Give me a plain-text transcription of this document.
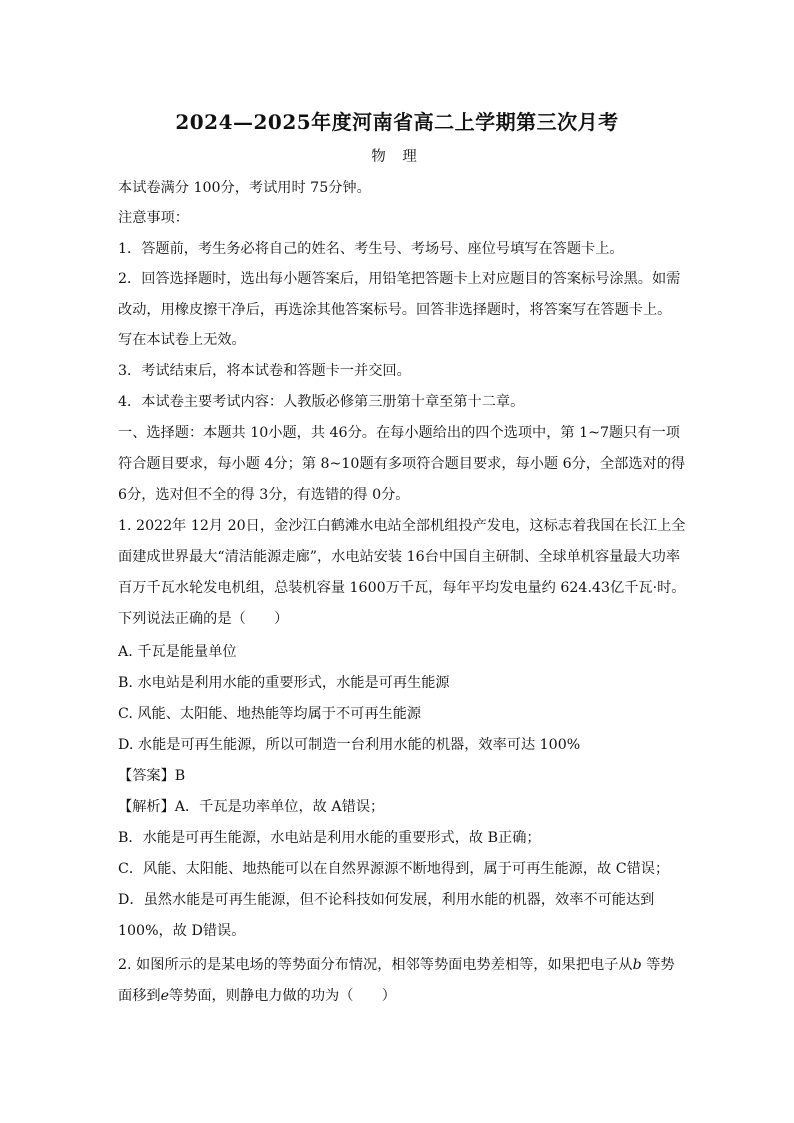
2024—2025年度河南省高二上学期第三次月考
物 理
本试卷满分 100分，考试用时 75分钟。
注意事项：
1．答题前，考生务必将自己的姓名、考生号、考场号、座位号填写在答题卡上。
2．回答选择题时，选出每小题答案后，用铅笔把答题卡上对应题目的答案标号涂黑。如需
改动，用橡皮擦干净后，再选涂其他答案标号。回答非选择题时，将答案写在答题卡上。
写在本试卷上无效。
3．考试结束后，将本试卷和答题卡一并交回。
4．本试卷主要考试内容：人教版必修第三册第十章至第十二章。
一、选择题：本题共 10小题，共 46分。在每小题给出的四个选项中，第 1~7题只有一项
符合题目要求，每小题 4分；第 8~10题有多项符合题目要求，每小题 6分，全部选对的得
6分，选对但不全的得 3分，有选错的得 0分。
1. 2022年 12月 20日，金沙江白鹤滩水电站全部机组投产发电，这标志着我国在长江上全
面建成世界最大“清洁能源走廊”，水电站安装 16台中国自主研制、全球单机容量最大功率
百万千瓦水轮发电机组，总装机容量 1600万千瓦，每年平均发电量约 624.43亿千瓦·时。
下列说法正确的是（　　）
A. 千瓦是能量单位
B. 水电站是利用水能的重要形式，水能是可再生能源
C. 风能、太阳能、地热能等均属于不可再生能源
D. 水能是可再生能源，所以可制造一台利用水能的机器，效率可达 100%
【答案】B
【解析】A．千瓦是功率单位，故 A错误；
B．水能是可再生能源，水电站是利用水能的重要形式，故 B正确；
C．风能、太阳能、地热能可以在自然界源源不断地得到，属于可再生能源，故 C错误；
D．虽然水能是可再生能源，但不论科技如何发展，利用水能的机器，效率不可能达到
100%，故 D错误。
2. 如图所示的是某电场的等势面分布情况，相邻等势面电势差相等，如果把电子从b 等势
面移到e等势面，则静电力做的功为（　　）
